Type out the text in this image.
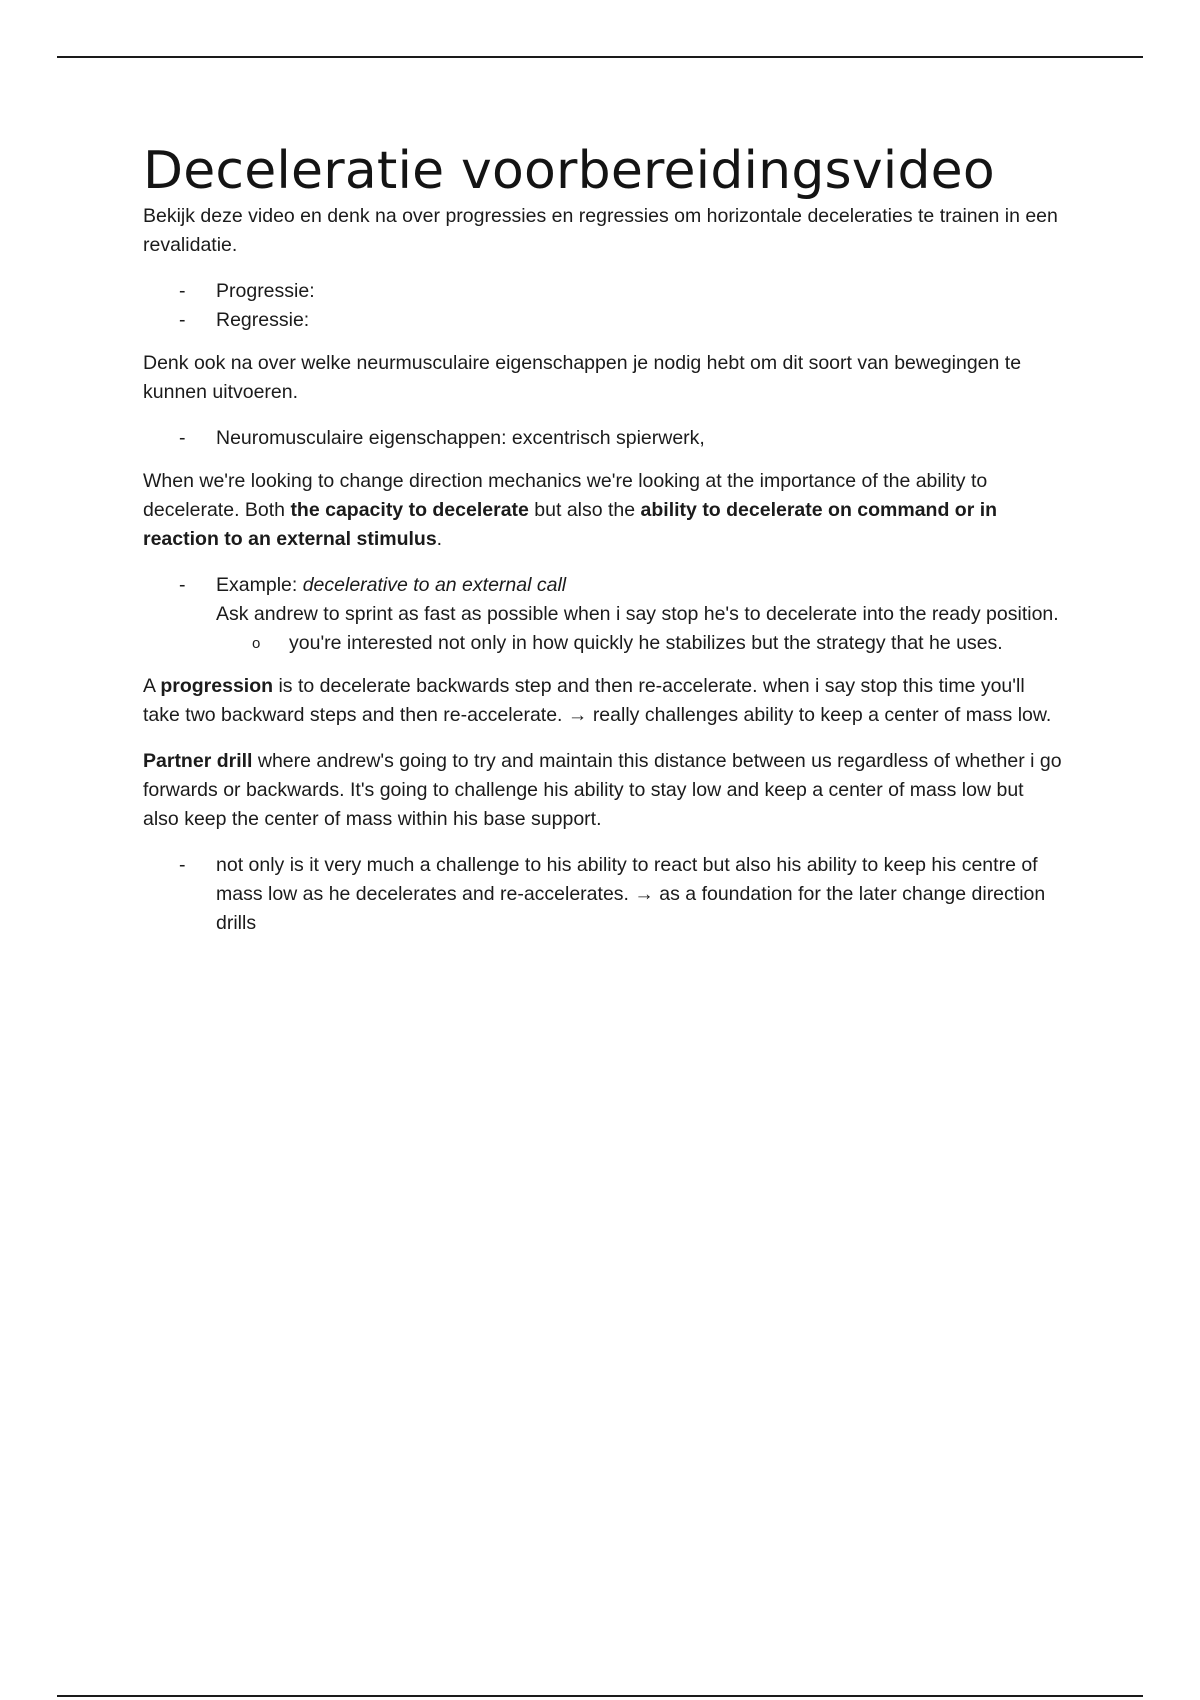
Deceleratie voorbereidingsvideo

Bekijk deze video en denk na over progressies en regressies om horizontale deceleraties te trainen in een revalidatie.

-	Progressie:
-	Regressie:

Denk ook na over welke neurmusculaire eigenschappen je nodig hebt om dit soort van bewegingen te kunnen uitvoeren.

-	Neuromusculaire eigenschappen: excentrisch spierwerk,

When we're looking to change direction mechanics we're looking at the importance of the ability to decelerate. Both the capacity to decelerate but also the ability to decelerate on command or in reaction to an external stimulus.

-	Example: decelerative to an external call
Ask andrew to sprint as fast as possible when i say stop he's to decelerate into the ready position.
o you're interested not only in how quickly he stabilizes but the strategy that he uses.

A progression is to decelerate backwards step and then re-accelerate. when i say stop this time you'll take two backward steps and then re-accelerate. → really challenges ability to keep a center of mass low.

Partner drill where andrew's going to try and maintain this distance between us regardless of whether i go forwards or backwards. It's going to challenge his ability to stay low and keep a center of mass low but also keep the center of mass within his base support.

-	not only is it very much a challenge to his ability to react but also his ability to keep his centre of mass low as he decelerates and re-accelerates. → as a foundation for the later change direction drills
